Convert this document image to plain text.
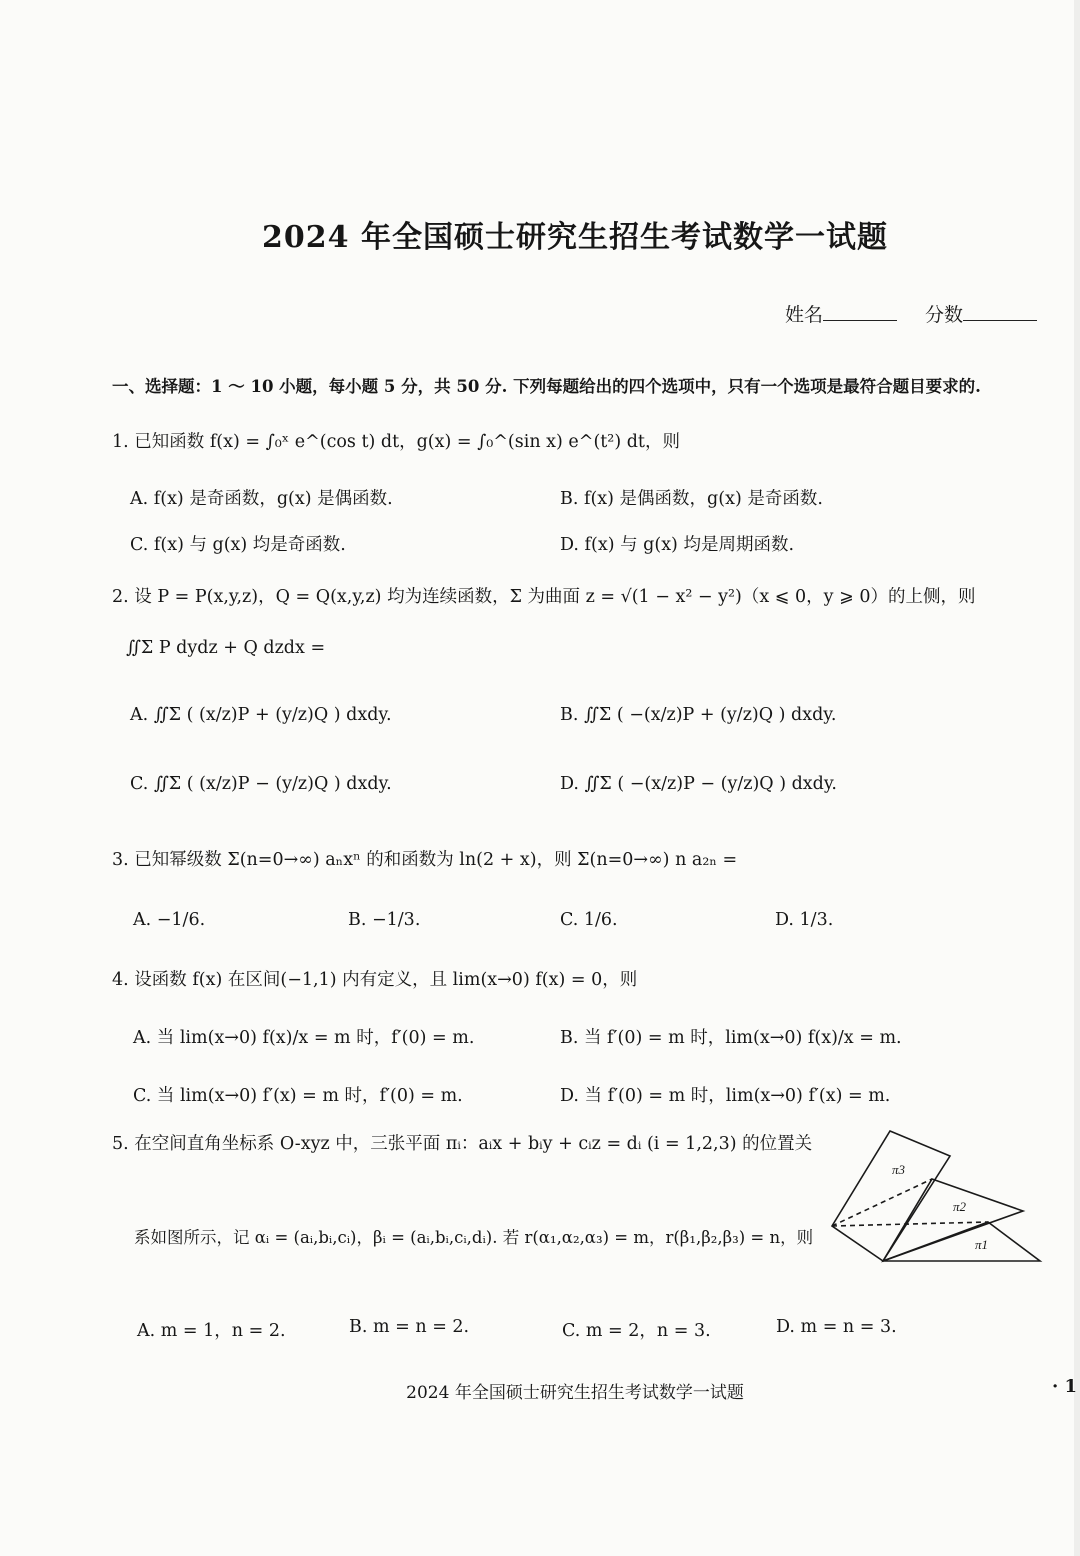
2024 年全国硕士研究生招生考试数学一试题
姓名	分数
一、选择题：1 ～ 10 小题，每小题 5 分，共 50 分. 下列每题给出的四个选项中，只有一个选项是最符合题目要求的.
1. 已知函数 f(x) = ∫₀ˣ e^(cos t) dt，g(x) = ∫₀^(sin x) e^(t²) dt，则
A. f(x) 是奇函数，g(x) 是偶函数.	B. f(x) 是偶函数，g(x) 是奇函数.
C. f(x) 与 g(x) 均是奇函数.	D. f(x) 与 g(x) 均是周期函数.
2. 设 P = P(x,y,z)，Q = Q(x,y,z) 均为连续函数，Σ 为曲面 z = √(1 − x² − y²)（x ⩽ 0，y ⩾ 0）的上侧，则
∬Σ P dydz + Q dzdx =
A. ∬Σ ( (x/z)P + (y/z)Q ) dxdy.	B. ∬Σ ( −(x/z)P + (y/z)Q ) dxdy.
C. ∬Σ ( (x/z)P − (y/z)Q ) dxdy.	D. ∬Σ ( −(x/z)P − (y/z)Q ) dxdy.
3. 已知幂级数 Σ(n=0→∞) aₙxⁿ 的和函数为 ln(2 + x)，则 Σ(n=0→∞) n a₂ₙ =
A. −1/6.	B. −1/3.	C. 1/6.	D. 1/3.
4. 设函数 f(x) 在区间(−1,1) 内有定义，且 lim(x→0) f(x) = 0，则
A. 当 lim(x→0) f(x)/x = m 时，f′(0) = m.	B. 当 f′(0) = m 时，lim(x→0) f(x)/x = m.
C. 当 lim(x→0) f′(x) = m 时，f′(0) = m.	D. 当 f′(0) = m 时，lim(x→0) f′(x) = m.
5. 在空间直角坐标系 O-xyz 中，三张平面 πᵢ：aᵢx + bᵢy + cᵢz = dᵢ (i = 1,2,3) 的位置关
系如图所示，记 αᵢ = (aᵢ,bᵢ,cᵢ)，βᵢ = (aᵢ,bᵢ,cᵢ,dᵢ). 若 r(α₁,α₂,α₃) = m，r(β₁,β₂,β₃) = n，则
π3
π2
π1
A. m = 1，n = 2.	B. m = n = 2.	C. m = 2，n = 3.	D. m = n = 3.
2024 年全国硕士研究生招生考试数学一试题	· 1
